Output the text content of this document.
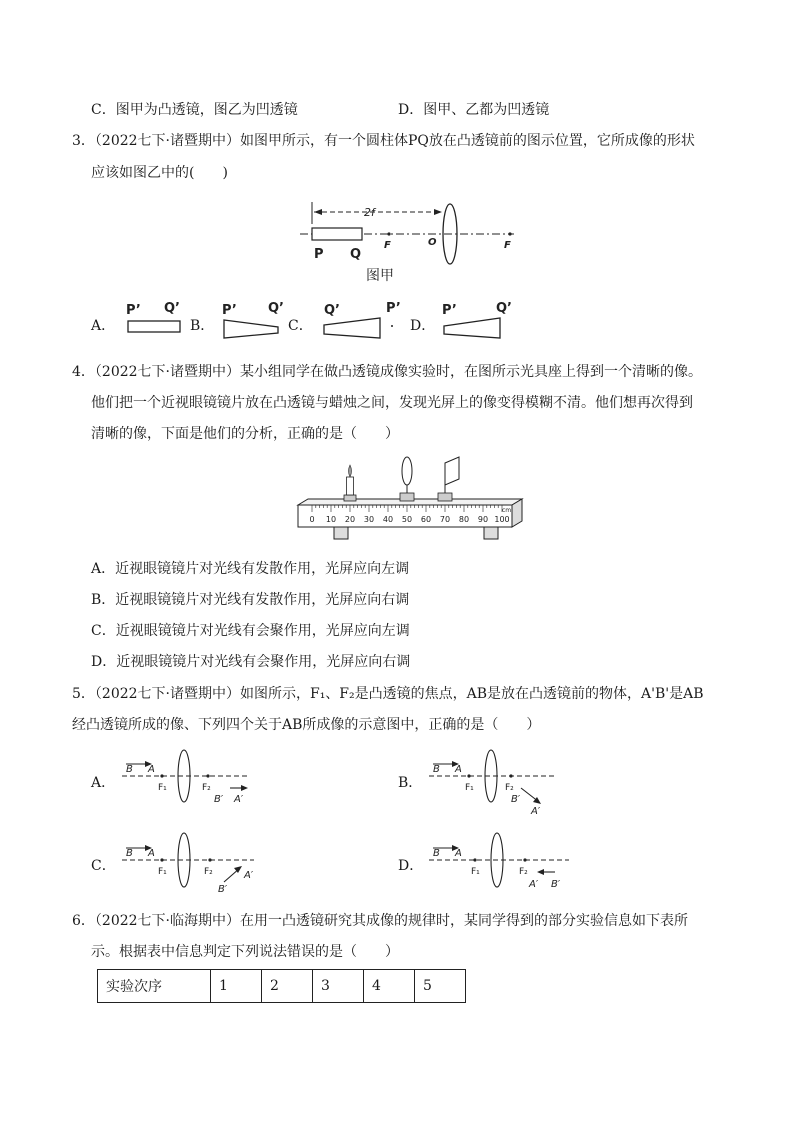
C．图甲为凸透镜，图乙为凹透镜	D．图甲、乙都为凹透镜
3．（2022七下·诸暨期中）如图甲所示，有一个圆柱体PQ放在凸透镜前的图示位置，它所成像的形状
应该如图乙中的(　　)
2f
P Q
F	O	F
图甲
A．
P’ Q’
B．
P’ Q’
C．
Q’	P’
D．
P’	Q’
4．（2022七下·诸暨期中）某小组同学在做凸透镜成像实验时，在图所示光具座上得到一个清晰的像。
他们把一个近视眼镜镜片放在凸透镜与蜡烛之间，发现光屏上的像变得模糊不清。他们想再次得到
清晰的像，下面是他们的分析，正确的是（　　）
0 10 20 30 40 50 60 70 80 90 100
cm
A．近视眼镜镜片对光线有发散作用，光屏应向左调
B．近视眼镜镜片对光线有发散作用，光屏应向右调
C．近视眼镜镜片对光线有会聚作用，光屏应向左调
D．近视眼镜镜片对光线有会聚作用，光屏应向右调
5．（2022七下·诸暨期中）如图所示，F₁、F₂是凸透镜的焦点，AB是放在凸透镜前的物体，A'B'是AB
经凸透镜所成的像、下列四个关于AB所成像的示意图中，正确的是（　　）
A．
B A
F₁	F₂
B′ A′
B．
B A
F₁	F₂
B′
A′
C．
B A
F₁	F₂
B′
A′
D．
B A
F₁	F₂
A′ B′
6．（2022七下·临海期中）在用一凸透镜研究其成像的规律时，某同学得到的部分实验信息如下表所
示。根据表中信息判定下列说法错误的是（　　）
实验次序	1	2	3	4	5
